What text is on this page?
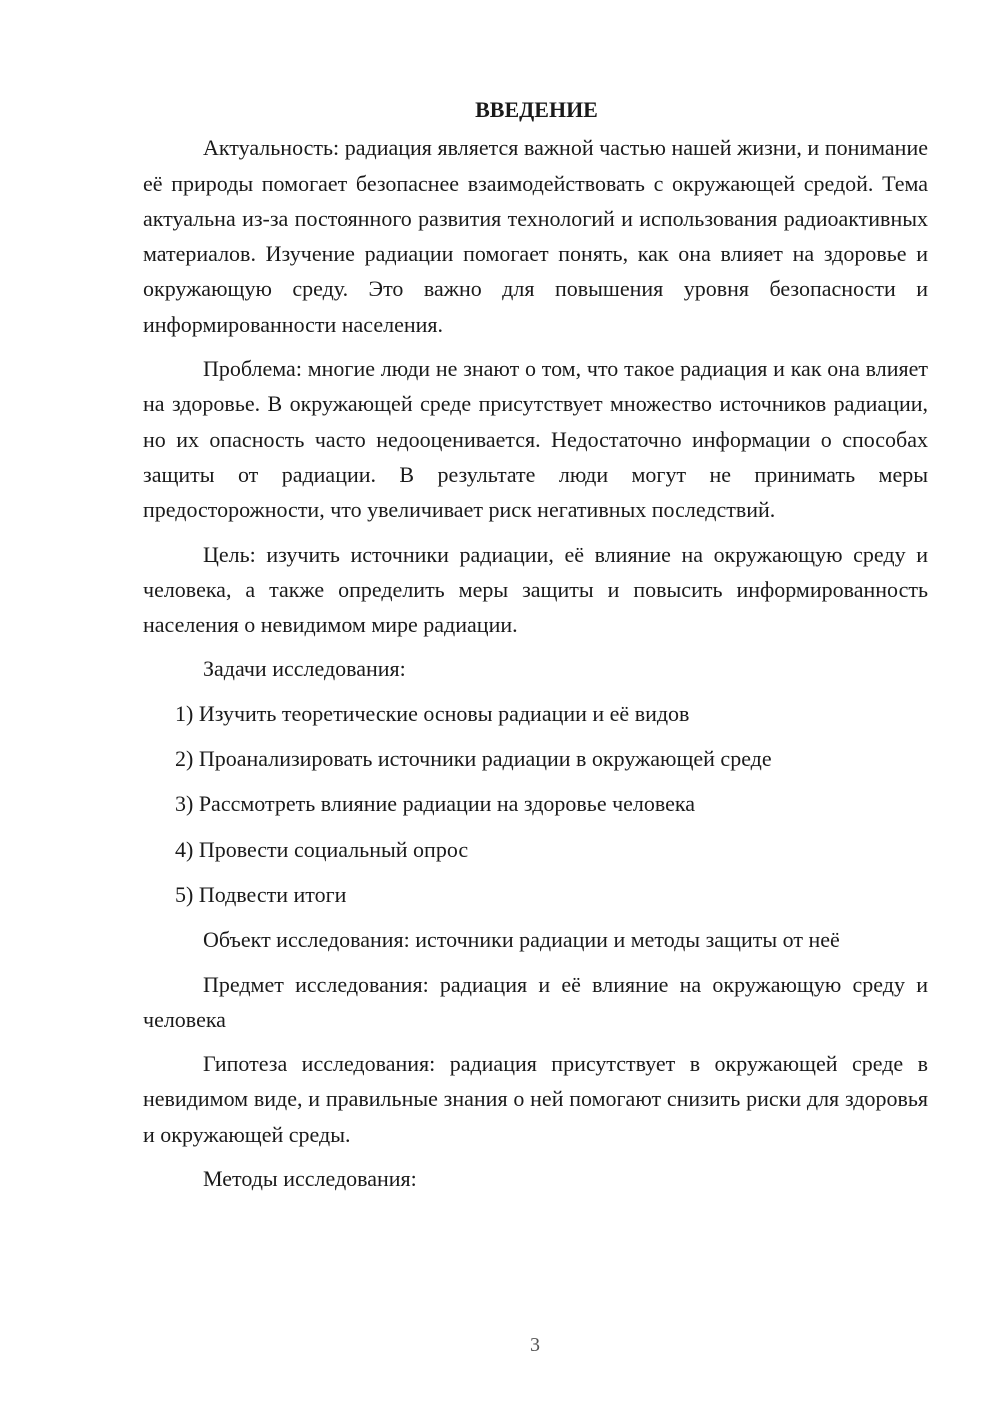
ВВЕДЕНИЕ

Актуальность: радиация является важной частью нашей жизни, и понимание её природы помогает безопаснее взаимодействовать с окружающей средой. Тема актуальна из-за постоянного развития технологий и использования радиоактивных материалов. Изучение радиации помогает понять, как она влияет на здоровье и окружающую среду. Это важно для повышения уровня безопасности и информированности населения.

Проблема: многие люди не знают о том, что такое радиация и как она влияет на здоровье. В окружающей среде присутствует множество источников радиации, но их опасность часто недооценивается. Недостаточно информации о способах защиты от радиации. В результате люди могут не принимать меры предосторожности, что увеличивает риск негативных последствий.

Цель: изучить источники радиации, её влияние на окружающую среду и человека, а также определить меры защиты и повысить информированность населения о невидимом мире радиации.

Задачи исследования:

1) Изучить теоретические основы радиации и её видов
2) Проанализировать источники радиации в окружающей среде
3) Рассмотреть влияние радиации на здоровье человека
4) Провести социальный опрос
5) Подвести итоги

Объект исследования: источники радиации и методы защиты от неё

Предмет исследования: радиация и её влияние на окружающую среду и человека

Гипотеза исследования: радиация присутствует в окружающей среде в невидимом виде, и правильные знания о ней помогают снизить риски для здоровья и окружающей среды.

Методы исследования:

3
